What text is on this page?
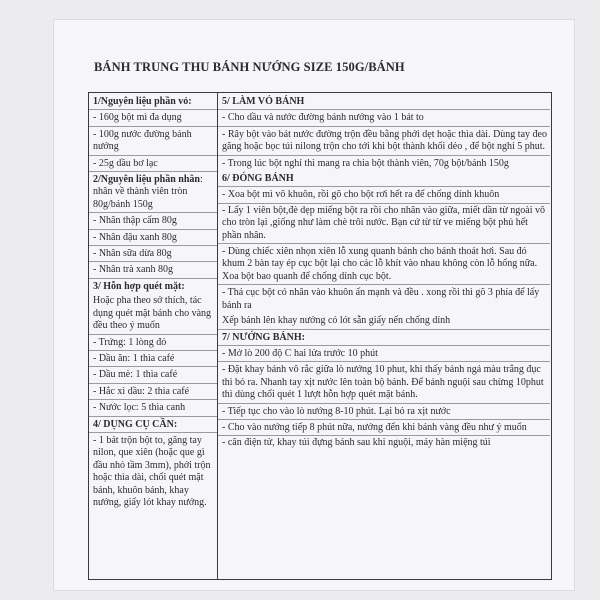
BÁNH TRUNG THU BÁNH NƯỚNG SIZE 150G/BÁNH
1/Nguyên liệu phần vỏ:
- 160g bột mì đa dụng
- 100g nước đường bánh nướng
- 25g dầu bơ lạc
2/Nguyên liệu phần nhân: nhân về thành viên tròn 80g/bánh 150g
- Nhân thập cẩm 80g
- Nhân đậu xanh 80g
- Nhân sữa dừa 80g
- Nhân trà xanh 80g
3/ Hỗn hợp quét mặt:
Hoặc pha theo sở thích, tác dụng quét mặt bánh cho vàng đều theo ý muốn
- Trứng: 1 lòng đỏ
- Dầu ăn: 1 thìa café
- Dầu mè: 1 thìa café
- Hắc xì dầu: 2 thìa café
- Nước lọc: 5 thìa canh
4/ DỤNG CỤ CẦN:
- 1 bát trộn bột to, găng tay nilon, que xiên (hoặc que gì đầu nhỏ tầm 3mm), phới trộn hoặc thìa dài, chổi quét mặt bánh, khuôn bánh, khay nướng, giấy lót khay nướng.
5/ LÀM VỎ BÁNH
- Cho dầu và nước đường bánh nướng vào 1 bát to
- Rây bột vào bát nước đường trộn đều bằng phới dẹt hoặc thìa dài. Dùng tay đeo găng hoặc bọc túi nilong trộn cho tới khi bột thành khối dẻo , để bột nghỉ 5 phut.
- Trong lúc bột nghỉ thì mang ra chia bột thành viên, 70g bột/bánh 150g
6/ ĐÓNG BÁNH
- Xoa bột mì vô khuôn, rồi gõ cho bột rơi hết ra để chống dính khuôn
- Lấy 1 viên bột,đè dẹp miếng bột ra rồi cho nhân vào giữa, miết dần từ ngoài vô cho tròn lại ,giống như làm chè trôi nước. Bạn cứ từ từ ve miếng bột phủ hết phần nhân.
- Dùng chiếc xiên nhọn xiên lỗ xung quanh bánh cho bánh thoát hơi. Sau đó khum 2 bàn tay ép cục bột lại cho các lỗ khít vào nhau không còn lỗ hổng nữa. Xoa bột bao quanh để chống dính cục bột.
- Thả cục bột có nhân vào khuôn ấn mạnh và đều . xong rồi thì gõ 3 phía để lấy bánh ra
Xếp bánh lên khay nướng có lót sẵn giấy nến chống dính
7/ NƯỚNG BÁNH:
- Mở lò 200 độ C hai lửa trước 10 phút
- Đặt khay bánh vô rắc giữa lò nướng 10 phut, khi thấy bánh ngả màu trắng đục thì bỏ ra. Nhanh tay xịt nước lên toàn bộ bánh. Để bánh nguội sau chừng 10phut thì dùng chổi quét 1 lượt hỗn hợp quét mặt bánh.
- Tiếp tục cho vào lò nướng 8-10 phút. Lại bỏ ra xịt nước
- Cho vào nướng tiếp 8 phút nữa, nướng đến khi bánh vàng đều như ý muốn
- cân điện tử, khay túi đựng bánh sau khi nguội, máy hàn miệng túi
